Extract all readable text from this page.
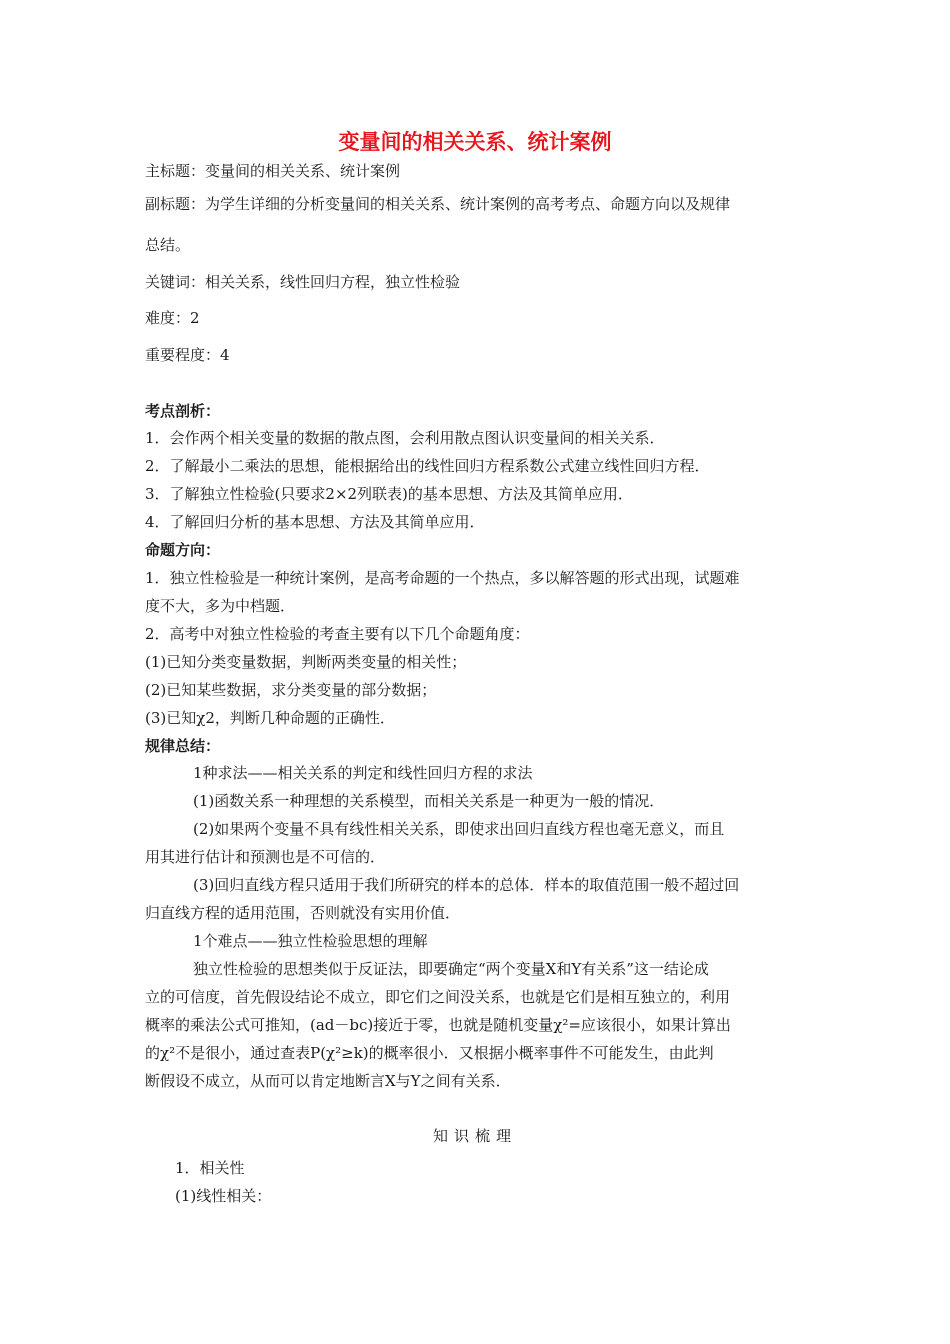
变量间的相关关系、统计案例
主标题：变量间的相关关系、统计案例
副标题：为学生详细的分析变量间的相关关系、统计案例的高考考点、命题方向以及规律
总结。
关键词：相关关系，线性回归方程，独立性检验
难度：2
重要程度：4
考点剖析：
1．会作两个相关变量的数据的散点图，会利用散点图认识变量间的相关关系．
2．了解最小二乘法的思想，能根据给出的线性回归方程系数公式建立线性回归方程．
3．了解独立性检验(只要求2×2列联表)的基本思想、方法及其简单应用．
4．了解回归分析的基本思想、方法及其简单应用．
命题方向：
1．独立性检验是一种统计案例，是高考命题的一个热点，多以解答题的形式出现，试题难
度不大，多为中档题．
2．高考中对独立性检验的考查主要有以下几个命题角度：
(1)已知分类变量数据，判断两类变量的相关性；
(2)已知某些数据，求分类变量的部分数据；
(3)已知χ2，判断几种命题的正确性．
规律总结：
1种求法——相关关系的判定和线性回归方程的求法
(1)函数关系一种理想的关系模型，而相关关系是一种更为一般的情况．
(2)如果两个变量不具有线性相关关系，即使求出回归直线方程也毫无意义，而且
用其进行估计和预测也是不可信的．
(3)回归直线方程只适用于我们所研究的样本的总体．样本的取值范围一般不超过回
归直线方程的适用范围，否则就没有实用价值．
1个难点——独立性检验思想的理解
独立性检验的思想类似于反证法，即要确定“两个变量X和Y有关系”这一结论成
立的可信度，首先假设结论不成立，即它们之间没关系，也就是它们是相互独立的，利用
概率的乘法公式可推知，(ad－bc)接近于零，也就是随机变量χ²=应该很小，如果计算出
的χ²不是很小，通过查表P(χ²≥k)的概率很小．又根据小概率事件不可能发生，由此判
断假设不成立，从而可以肯定地断言X与Y之间有关系．
知识梳理
1．相关性
(1)线性相关：
